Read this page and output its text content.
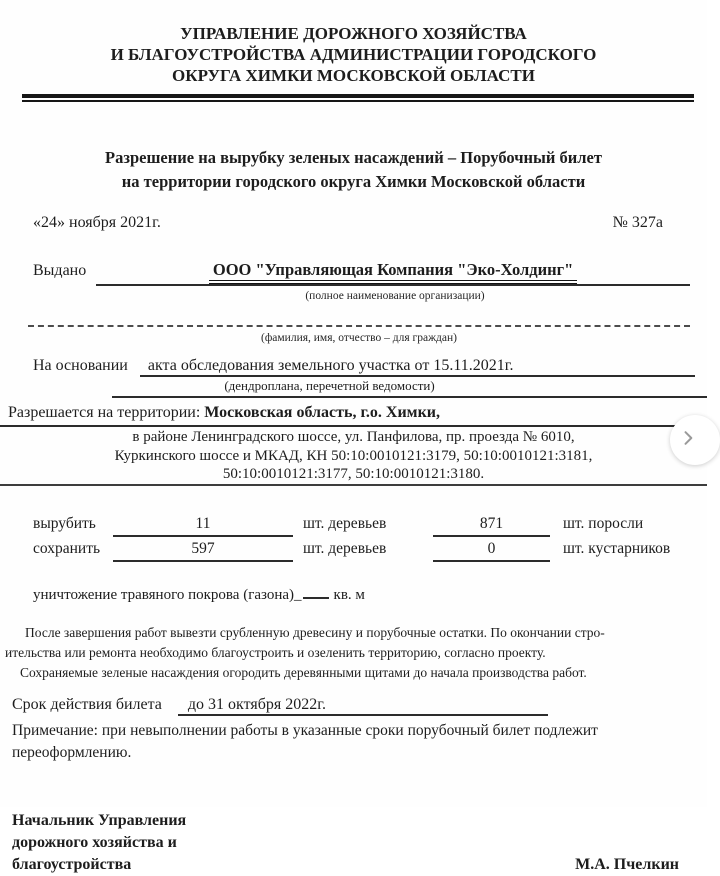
УПРАВЛЕНИЕ ДОРОЖНОГО ХОЗЯЙСТВА
И БЛАГОУСТРОЙСТВА АДМИНИСТРАЦИИ ГОРОДСКОГО
ОКРУГА ХИМКИ МОСКОВСКОЙ ОБЛАСТИ
Разрешение на вырубку зеленых насаждений – Порубочный билет
на территории городского округа Химки Московской области
«24» ноября 2021г.	№ 327а
Выдано	ООО "Управляющая Компания "Эко-Холдинг"
(полное наименование организации)
(фамилия, имя, отчество – для граждан)
На основании	акта обследования земельного участка от 15.11.2021г.
(дендроплана, перечетной ведомости)
Разрешается на территории: Московская область, г.о. Химки,
в районе Ленинградского шоссе, ул. Панфилова, пр. проезда № 6010,
Куркинского шоссе и МКАД, КН 50:10:0010121:3179, 50:10:0010121:3181,
50:10:0010121:3177, 50:10:0010121:3180.
вырубить	11	шт. деревьев	871	шт. поросли
сохранить	597	шт. деревьев	0	шт. кустарников
уничтожение травяного покрова (газона)_ кв. м
После завершения работ вывезти срубленную древесину и порубочные остатки. По окончании стро-
ительства или ремонта необходимо благоустроить и озеленить территорию, согласно проекту.
Сохраняемые зеленые насаждения огородить деревянными щитами до начала производства работ.
Срок действия билета	до 31 октября 2022г.
Примечание: при невыполнении работы в указанные сроки порубочный билет подлежит
переоформлению.
Начальник Управления
дорожного хозяйства и
благоустройства	М.А. Пчелкин
